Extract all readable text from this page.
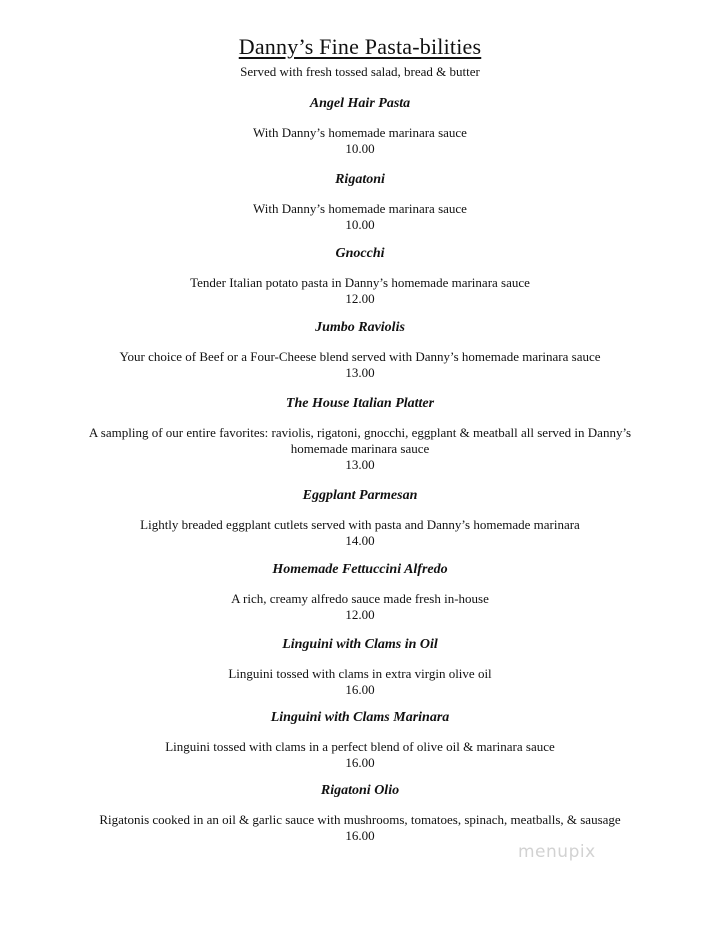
Danny’s Fine Pasta-bilities
Served with fresh tossed salad, bread & butter
Angel Hair Pasta
With Danny’s homemade marinara sauce
10.00
Rigatoni
With Danny’s homemade marinara sauce
10.00
Gnocchi
Tender Italian potato pasta in Danny’s homemade marinara sauce
12.00
Jumbo Raviolis
Your choice of Beef or a Four-Cheese blend served with Danny’s homemade marinara sauce
13.00
The House Italian Platter
A sampling of our entire favorites: raviolis, rigatoni, gnocchi, eggplant & meatball all served in Danny’s homemade marinara sauce
13.00
Eggplant Parmesan
Lightly breaded eggplant cutlets served with pasta and Danny’s homemade marinara
14.00
Homemade Fettuccini Alfredo
A rich, creamy alfredo sauce made fresh in-house
12.00
Linguini with Clams in Oil
Linguini tossed with clams in extra virgin olive oil
16.00
Linguini with Clams Marinara
Linguini tossed with clams in a perfect blend of olive oil & marinara sauce
16.00
Rigatoni Olio
Rigatonis cooked in an oil & garlic sauce with mushrooms, tomatoes, spinach, meatballs, & sausage
16.00
menupix
